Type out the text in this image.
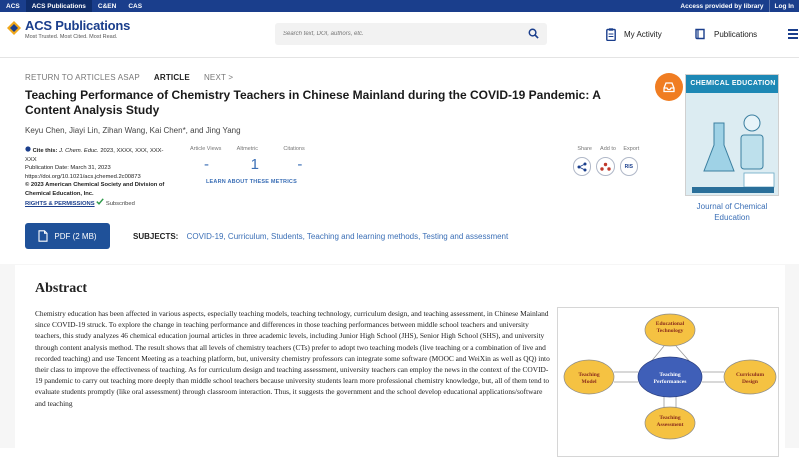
ACS	ACS Publications	C&EN	CAS	Access provided by library	Log In
ACS Publications
Most Trusted. Most Cited. Most Read.
Search text, DOI, authors, etc.	My Activity	Publications
RETURN TO ARTICLES ASAP ARTICLE NEXT >
Teaching Performance of Chemistry Teachers in Chinese Mainland during the COVID-19 Pandemic: A Content Analysis Study
Keyu Chen, Jiayi Lin, Zihan Wang, Kai Chen*, and Jing Yang
Cite this: J. Chem. Educ. 2023, XXXX, XXX, XXX-XXX
Publication Date: March 31, 2023
https://doi.org/10.1021/acs.jchemed.2c00873
© 2023 American Chemical Society and Division of Chemical Education, Inc.
RIGHTS & PERMISSIONS Subscribed
Article Views	Altmetric	Citations
-	1	-
LEARN ABOUT THESE METRICS
Share	Add to	Export
RIS
CHEMICAL EDUCATION
Journal of Chemical Education
PDF (2 MB)	SUBJECTS: COVID-19, Curriculum, Students, Teaching and learning methods, Testing and assessment
Abstract
Chemistry education has been affected in various aspects, especially teaching models, teaching technology, curriculum design, and teaching assessment, in Chinese Mainland since COVID-19 struck. To explore the change in teaching performance and differences in those teaching performances between middle school teachers and university teachers, this study analyzes 46 chemical education journal articles in three academic levels, including Junior High School (JHS), Senior High School (SHS), and university through content analysis method. The result shows that all levels of chemistry teachers (CTs) prefer to adopt two teaching models (live teaching or a combination of live and recorded teaching) and use Tencent Meeting as a teaching platform, but, university chemistry professors can integrate some software (MOOC and WeiXin as well as QQ) into their class to improve the effectiveness of teaching. As for curriculum design and teaching assessment, university teachers can employ the news in the context of the COVID-19 pandemic to carry out teaching more deeply than middle school teachers because university students learn more professional chemistry knowledge, but, all of them tend to evaluate students promptly (like oral assessment) through classroom interaction. Thus, it suggests the government and the school develop educational applications/software and teaching
Educational Technology
Teaching Model
Teaching Performances
Curriculum Design
Teaching Assessment
